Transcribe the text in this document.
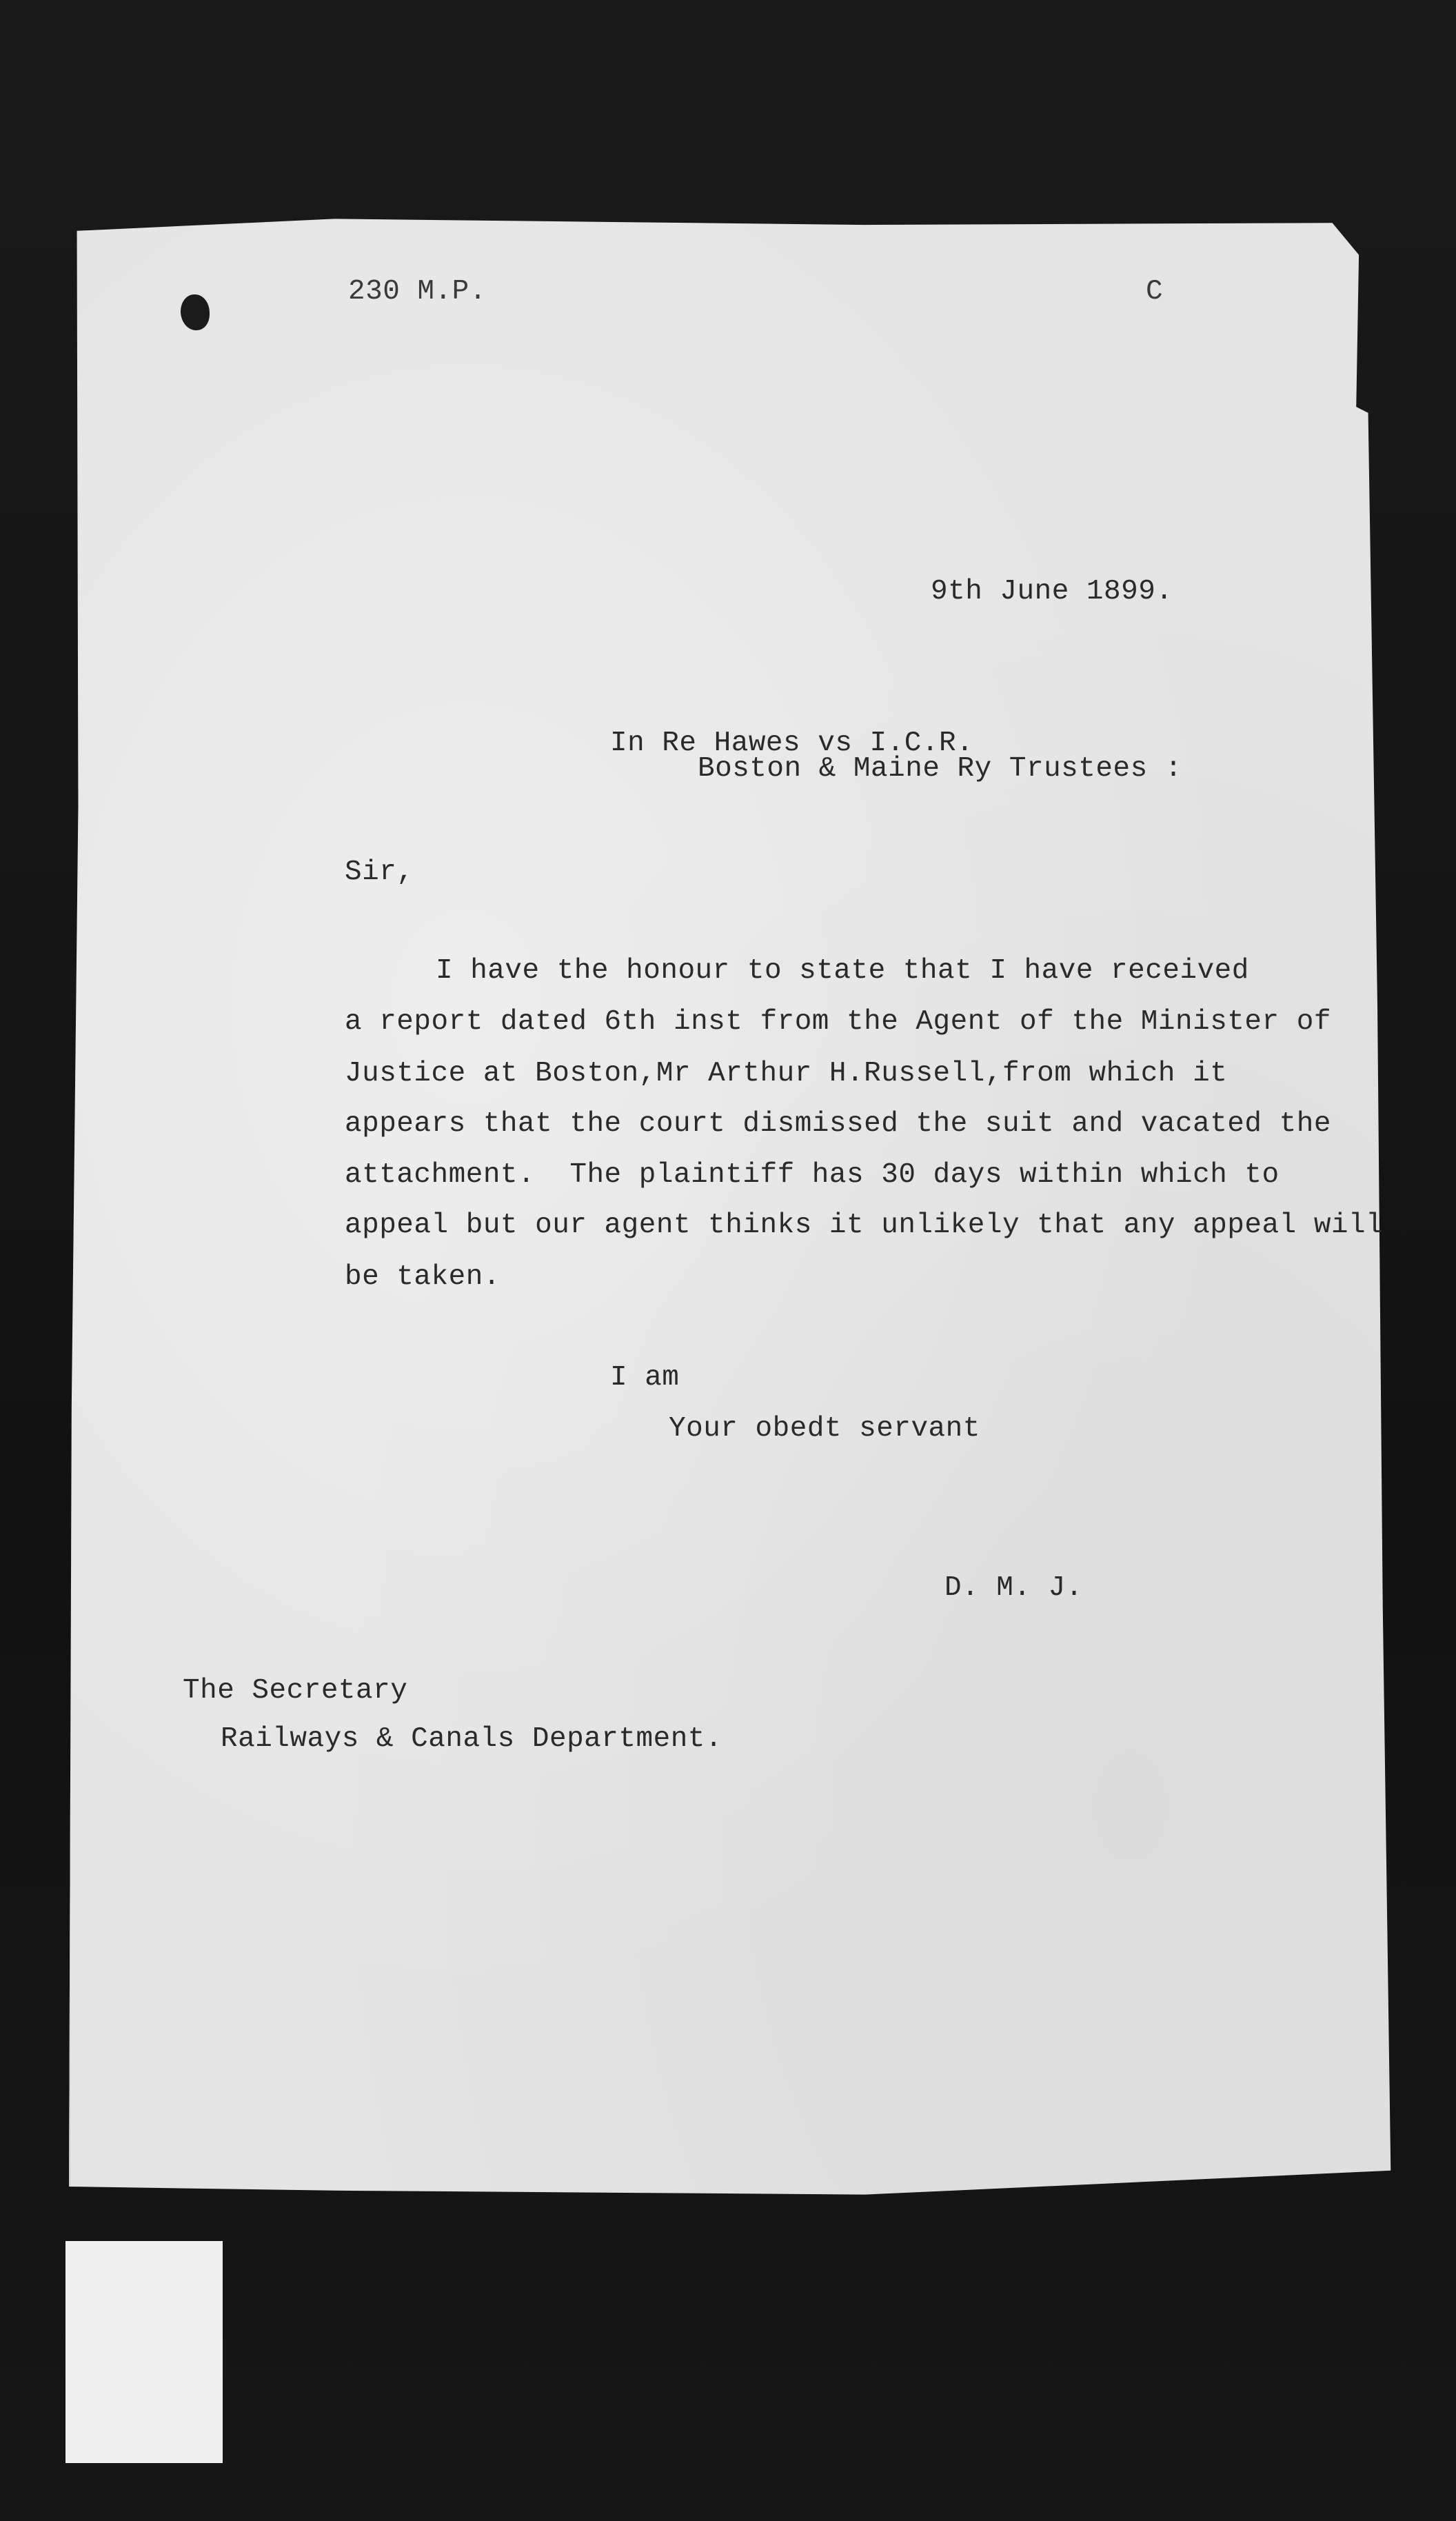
230 M.P.	C
9th June 1899.
In Re Hawes vs I.C.R.
Boston & Maine Ry Trustees :
Sir,
I have the honour to state that I have received
a report dated 6th inst from the Agent of the Minister of
Justice at Boston,Mr Arthur H.Russell,from which it
appears that the court dismissed the suit and vacated the
attachment.  The plaintiff has 30 days within which to
appeal but our agent thinks it unlikely that any appeal will
be taken.
I am
Your obedt servant
D. M. J.
The Secretary
Railways & Canals Department.
